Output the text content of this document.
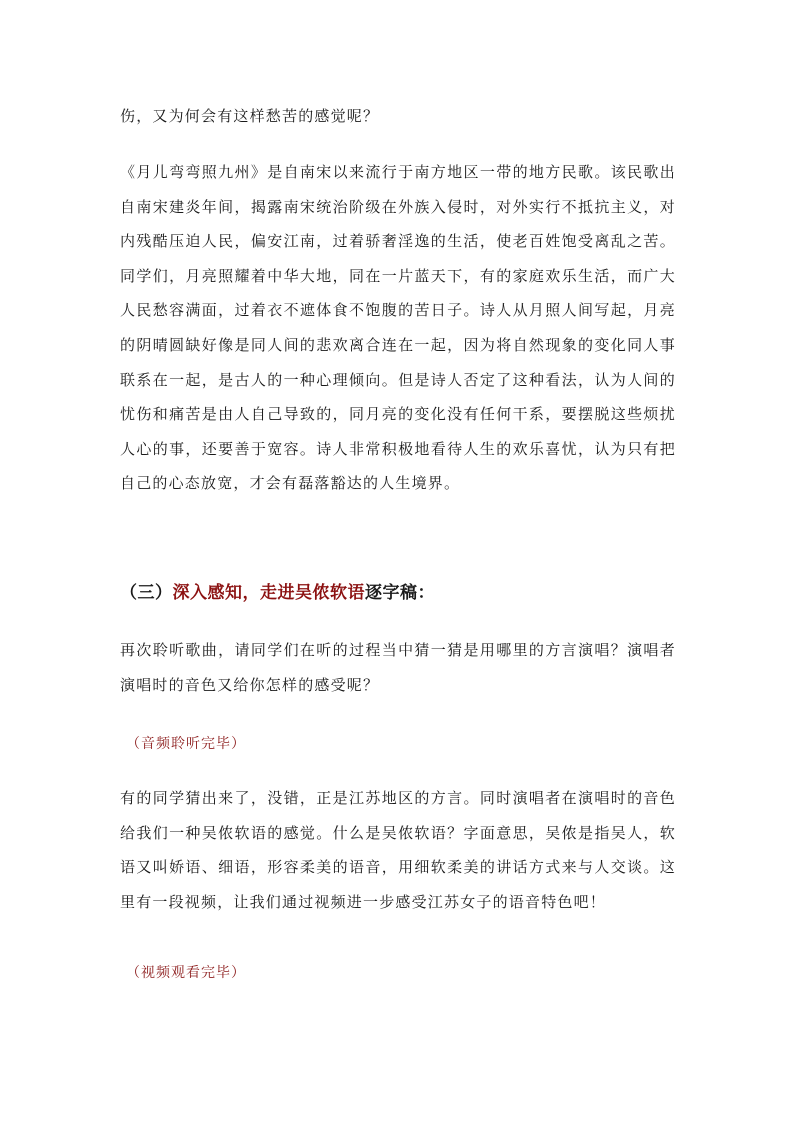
伤，又为何会有这样愁苦的感觉呢？

《月儿弯弯照九州》是自南宋以来流行于南方地区一带的地方民歌。该民歌出自南宋建炎年间，揭露南宋统治阶级在外族入侵时，对外实行不抵抗主义，对内残酷压迫人民，偏安江南，过着骄奢淫逸的生活，使老百姓饱受离乱之苦。同学们，月亮照耀着中华大地，同在一片蓝天下，有的家庭欢乐生活，而广大人民愁容满面，过着衣不遮体食不饱腹的苦日子。诗人从月照人间写起，月亮的阴晴圆缺好像是同人间的悲欢离合连在一起，因为将自然现象的变化同人事联系在一起，是古人的一种心理倾向。但是诗人否定了这种看法，认为人间的忧伤和痛苦是由人自己导致的，同月亮的变化没有任何干系，要摆脱这些烦扰人心的事，还要善于宽容。诗人非常积极地看待人生的欢乐喜忧，认为只有把自己的心态放宽，才会有磊落豁达的人生境界。

（三）深入感知，走进吴侬软语逐字稿：

再次聆听歌曲，请同学们在听的过程当中猜一猜是用哪里的方言演唱？演唱者演唱时的音色又给你怎样的感受呢？

（音频聆听完毕）

有的同学猜出来了，没错，正是江苏地区的方言。同时演唱者在演唱时的音色给我们一种吴侬软语的感觉。什么是吴侬软语？字面意思，吴侬是指吴人，软语又叫娇语、细语，形容柔美的语音，用细软柔美的讲话方式来与人交谈。这里有一段视频，让我们通过视频进一步感受江苏女子的语音特色吧！

（视频观看完毕）
